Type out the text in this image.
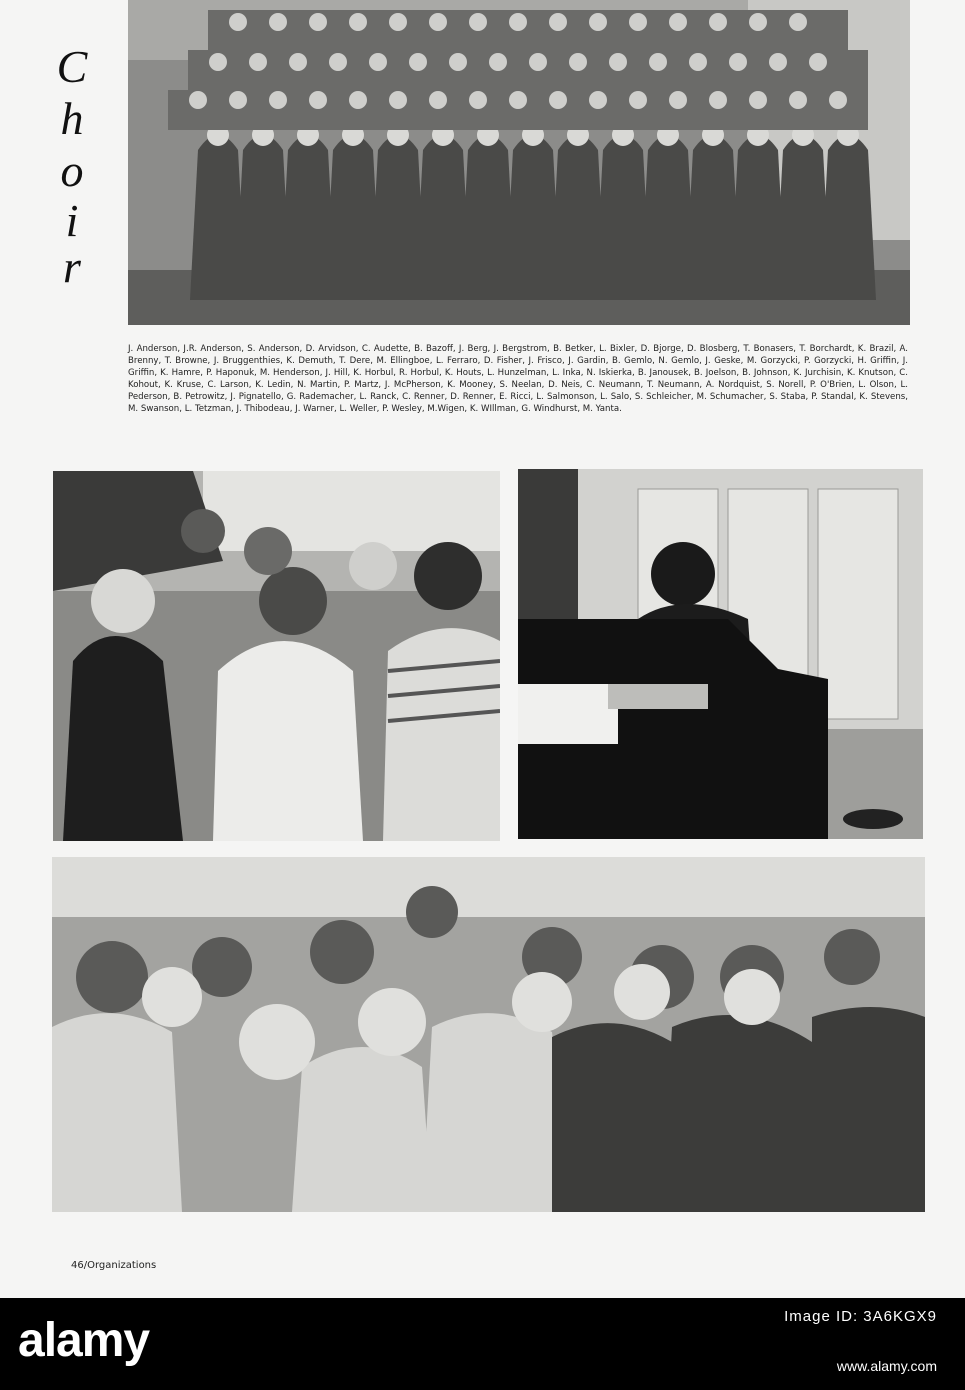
C
h
o
i
r
J. Anderson, J.R. Anderson, S. Anderson, D. Arvidson, C. Audette, B. Bazoff, J. Berg, J. Bergstrom, B. Betker, L. Bixler, D. Bjorge, D. Blosberg, T. Bonasers, T. Borchardt, K. Brazil, A. Brenny, T. Browne, J. Bruggenthies, K. Demuth, T. Dere, M. Ellingboe, L. Ferraro, D. Fisher, J. Frisco, J. Gardin, B. Gemlo, N. Gemlo, J. Geske, M. Gorzycki, P. Gorzycki, H. Griffin, J. Griffin, K. Hamre, P. Haponuk, M. Henderson, J. Hill, K. Horbul, R. Horbul, K. Houts, L. Hunzelman, L. Inka, N. Iskierka, B. Janousek, B. Joelson, B. Johnson, K. Jurchisin, K. Knutson, C. Kohout, K. Kruse, C. Larson, K. Ledin, N. Martin, P. Martz, J. McPherson, K. Mooney, S. Neelan, D. Neis, C. Neumann, T. Neumann, A. Nordquist, S. Norell, P. O'Brien, L. Olson, L. Pederson, B. Petrowitz, J. Pignatello, G. Rademacher, L. Ranck, C. Renner, D. Renner, E. Ricci, L. Salmonson, L. Salo, S. Schleicher, M. Schumacher, S. Staba, P. Standal, K. Stevens, M. Swanson, L. Tetzman, J. Thibodeau, J. Warner, L. Weller, P. Wesley, M.Wigen, K. WIllman, G. Windhurst, M. Yanta.
46/Organizations
alamy	Image ID: 3A6KGX9
www.alamy.com
